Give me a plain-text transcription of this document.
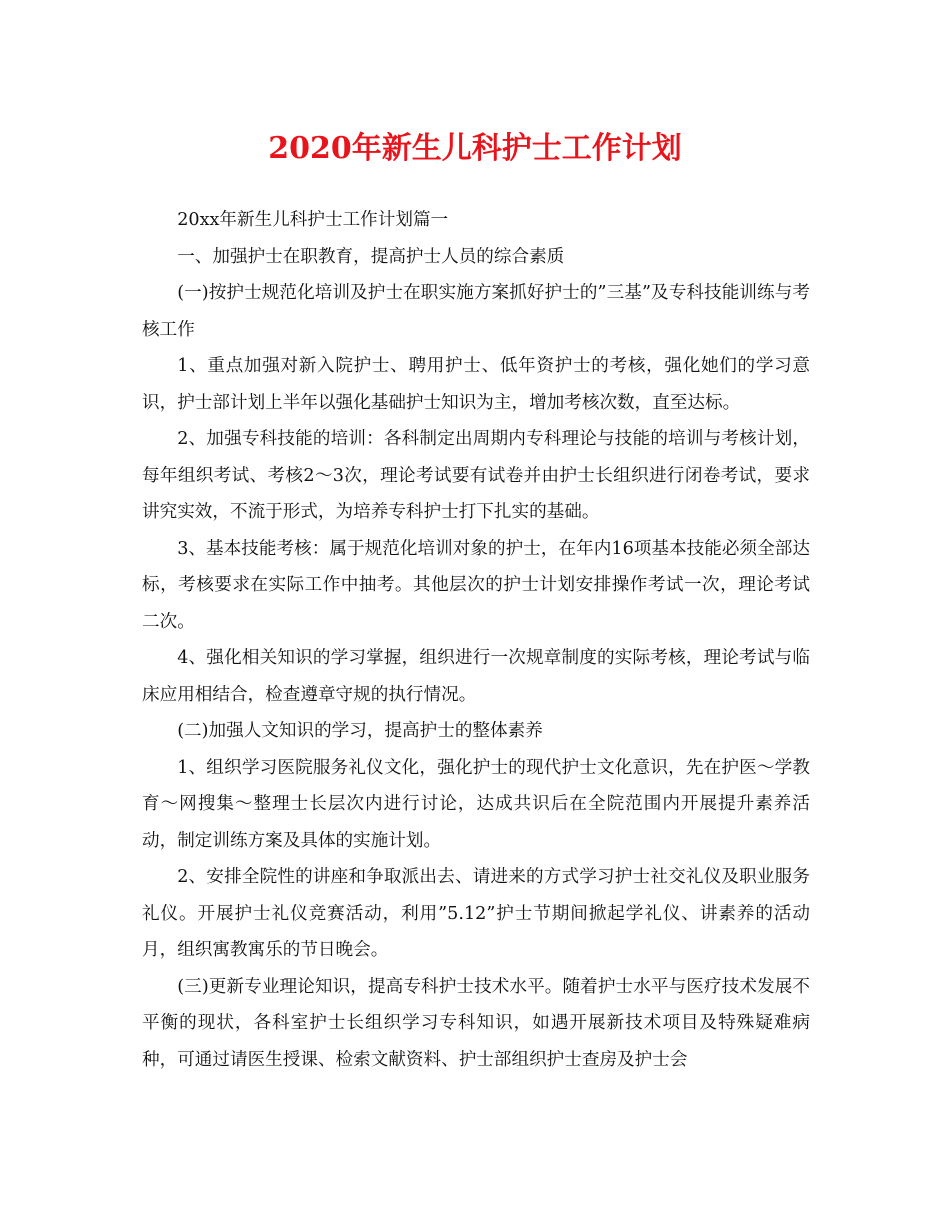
2020年新生儿科护士工作计划

20xx年新生儿科护士工作计划篇一

一、加强护士在职教育，提高护士人员的综合素质

(一)按护士规范化培训及护士在职实施方案抓好护士的”三基”及专科技能训练与考核工作

1、重点加强对新入院护士、聘用护士、低年资护士的考核，强化她们的学习意识，护士部计划上半年以强化基础护士知识为主，增加考核次数，直至达标。

2、加强专科技能的培训：各科制定出周期内专科理论与技能的培训与考核计划，每年组织考试、考核2～3次，理论考试要有试卷并由护士长组织进行闭卷考试，要求讲究实效，不流于形式，为培养专科护士打下扎实的基础。

3、基本技能考核：属于规范化培训对象的护士，在年内16项基本技能必须全部达标，考核要求在实际工作中抽考。其他层次的护士计划安排操作考试一次，理论考试二次。

4、强化相关知识的学习掌握，组织进行一次规章制度的实际考核，理论考试与临床应用相结合，检查遵章守规的执行情况。

(二)加强人文知识的学习，提高护士的整体素养

1、组织学习医院服务礼仪文化，强化护士的现代护士文化意识，先在护医～学教育～网搜集～整理士长层次内进行讨论，达成共识后在全院范围内开展提升素养活动，制定训练方案及具体的实施计划。

2、安排全院性的讲座和争取派出去、请进来的方式学习护士社交礼仪及职业服务礼仪。开展护士礼仪竞赛活动，利用”5.12”护士节期间掀起学礼仪、讲素养的活动月，组织寓教寓乐的节日晚会。

(三)更新专业理论知识，提高专科护士技术水平。随着护士水平与医疗技术发展不平衡的现状，各科室护士长组织学习专科知识，如遇开展新技术项目及特殊疑难病种，可通过请医生授课、检索文献资料、护士部组织护士查房及护士会
